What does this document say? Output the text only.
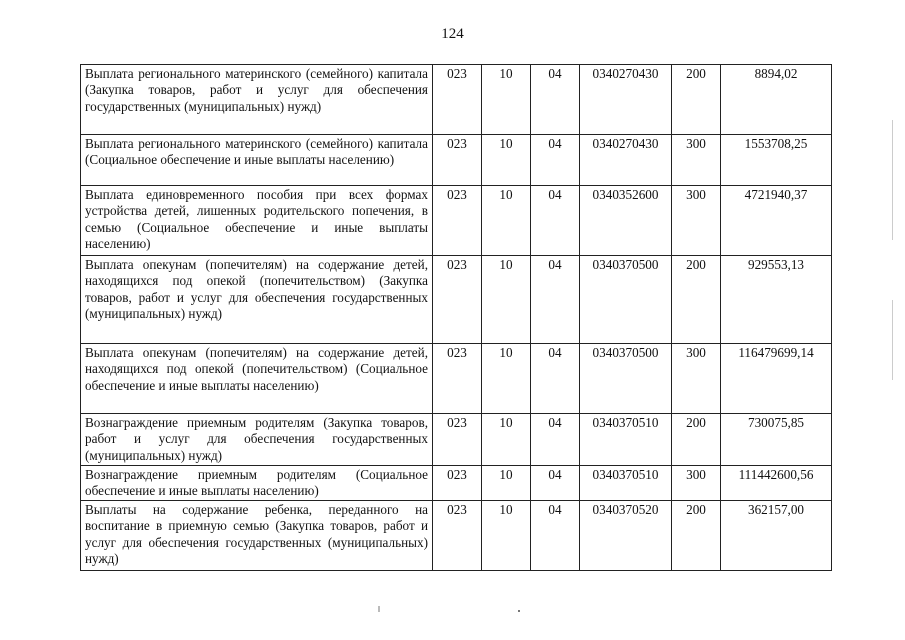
124
Выплата регионального материнского (семейного) капитала (Закупка товаров, работ и услуг для обеспечения государственных (муниципальных) нужд)	023	10	04	0340270430	200	8894,02
Выплата регионального материнского (семейного) капитала (Социальное обеспечение и иные выплаты населению)	023	10	04	0340270430	300	1553708,25
Выплата единовременного пособия при всех формах устройства детей, лишенных родительского попечения, в семью (Социальное обеспечение и иные выплаты населению)	023	10	04	0340352600	300	4721940,37
Выплата опекунам (попечителям) на содержание детей, находящихся под опекой (попечительством) (Закупка товаров, работ и услуг для обеспечения государственных (муниципальных) нужд)	023	10	04	0340370500	200	929553,13
Выплата опекунам (попечителям) на содержание детей, находящихся под опекой (попечительством) (Социальное обеспечение и иные выплаты населению)	023	10	04	0340370500	300	116479699,14
Вознаграждение приемным родителям (Закупка товаров, работ и услуг для обеспечения государственных (муниципальных) нужд)	023	10	04	0340370510	200	730075,85
Вознаграждение приемным родителям (Социальное обеспечение и иные выплаты населению)	023	10	04	0340370510	300	111442600,56
Выплаты на содержание ребенка, переданного на воспитание в приемную семью (Закупка товаров, работ и услуг для обеспечения государственных (муниципальных) нужд)	023	10	04	0340370520	200	362157,00
